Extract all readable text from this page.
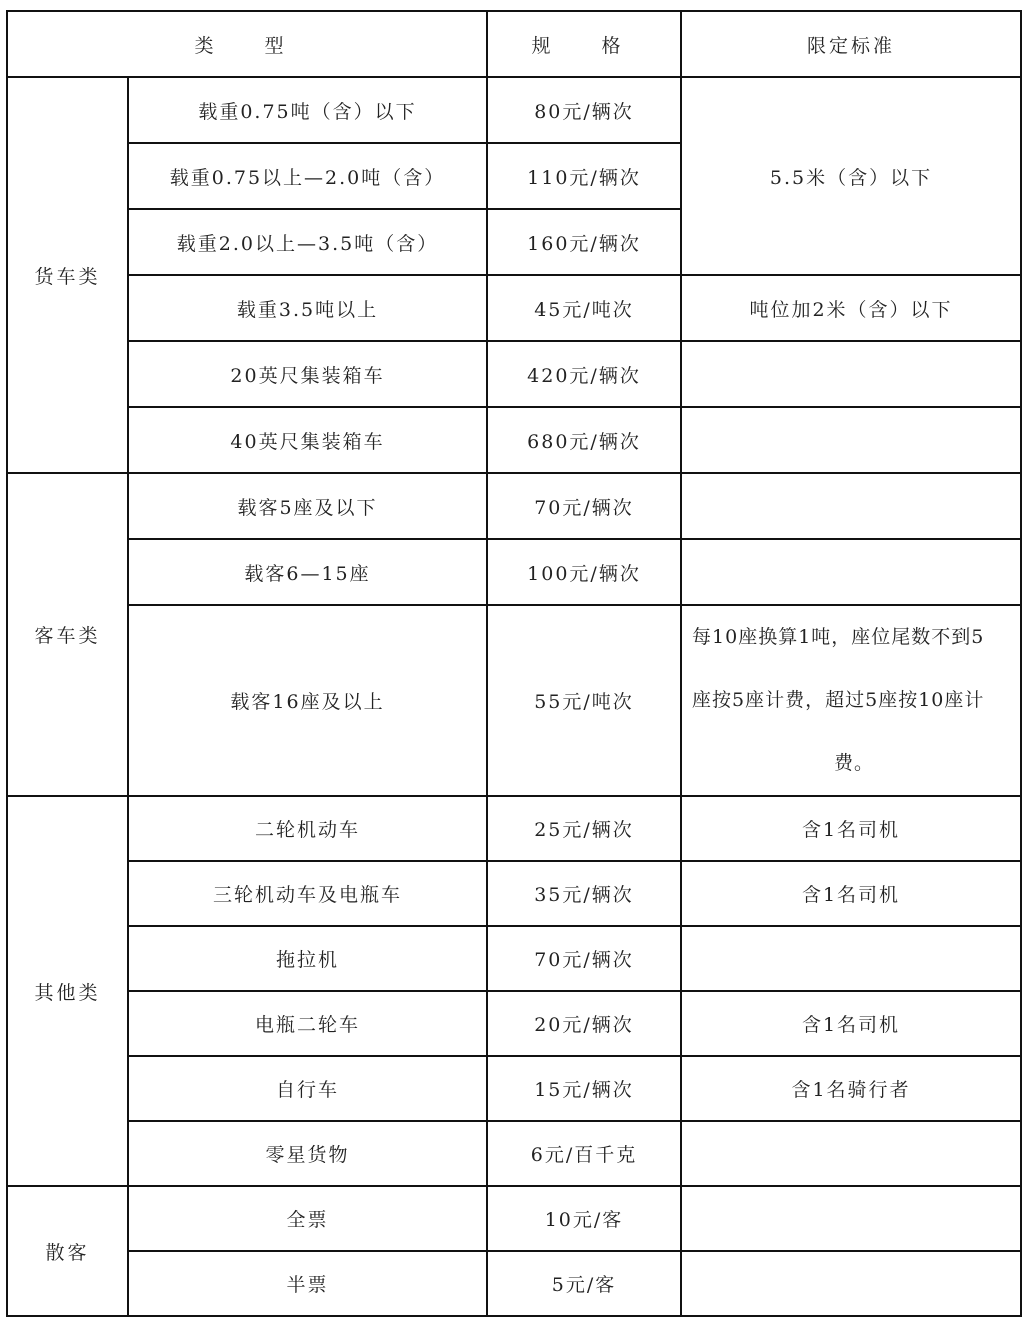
类　型		规　格	限定标准
货车类	载重0.75吨（含）以下	80元/辆次	5.5米（含）以下
	载重0.75以上—2.0吨（含）	110元/辆次	
	载重2.0以上—3.5吨（含）	160元/辆次	
	载重3.5吨以上	45元/吨次	吨位加2米（含）以下
	20英尺集装箱车	420元/辆次	
	40英尺集装箱车	680元/辆次	
客车类	载客5座及以下	70元/辆次	
	载客6—15座	100元/辆次	
	载客16座及以上	55元/吨次	每10座换算1吨，座位尾数不到5
座按5座计费，超过5座按10座计
费。

其他类	二轮机动车	25元/辆次	含1名司机
	三轮机动车及电瓶车	35元/辆次	含1名司机
	拖拉机	70元/辆次	
	电瓶二轮车	20元/辆次	含1名司机
	自行车	15元/辆次	含1名骑行者
	零星货物	6元/百千克	
散客	全票	10元/客	
	半票	5元/客	
